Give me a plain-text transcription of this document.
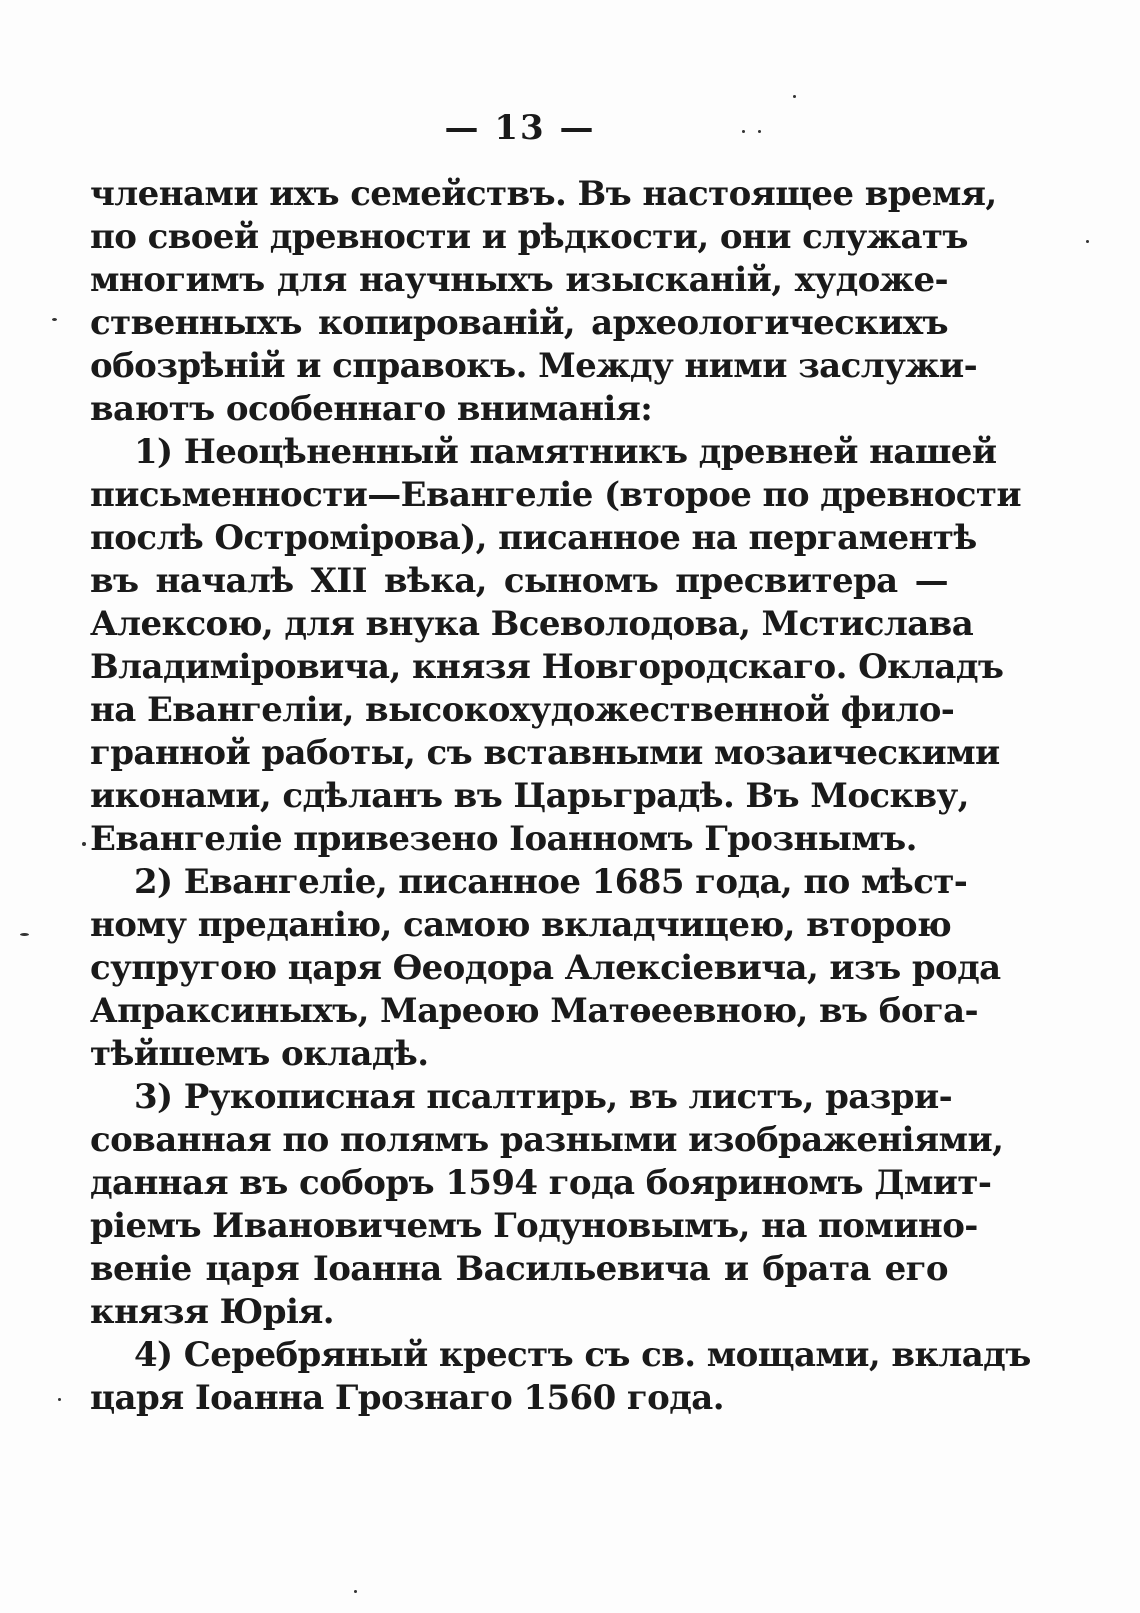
— 13 —
членами ихъ семействъ. Въ настоящее время,
по своей древности и рѣдкости, они служатъ
многимъ для научныхъ изысканій, художе-
ственныхъ копированій, археологическихъ
обозрѣній и справокъ. Между ними заслужи-
ваютъ особеннаго вниманія:
1) Неоцѣненный памятникъ древней нашей
письменности—Евангеліе (второе по древности
послѣ Остромірова), писанное на пергаментѣ
въ началѣ XII вѣка, сыномъ пресвитера —
Алексою, для внука Всеволодова, Мстислава
Владиміровича, князя Новгородскаго. Окладъ
на Евангеліи, высокохудожественной фило-
гранной работы, съ вставными мозаическими
иконами, сдѣланъ въ Царьградѣ. Въ Москву,
Евангеліе привезено Іоанномъ Грознымъ.
2) Евангеліе, писанное 1685 года, по мѣст-
ному преданію, самою вкладчицею, второю
супругою царя Ѳеодора Алексіевича, изъ рода
Апраксиныхъ, Мареою Матѳеевною, въ бога-
тѣйшемъ окладѣ.
3) Рукописная псалтирь, въ листъ, разри-
сованная по полямъ разными изображеніями,
данная въ соборъ 1594 года бояриномъ Дмит-
ріемъ Ивановичемъ Годуновымъ, на помино-
веніе царя Іоанна Васильевича и брата его
князя Юрія.
4) Серебряный крестъ съ св. мощами, вкладъ
царя Іоанна Грознаго 1560 года.
